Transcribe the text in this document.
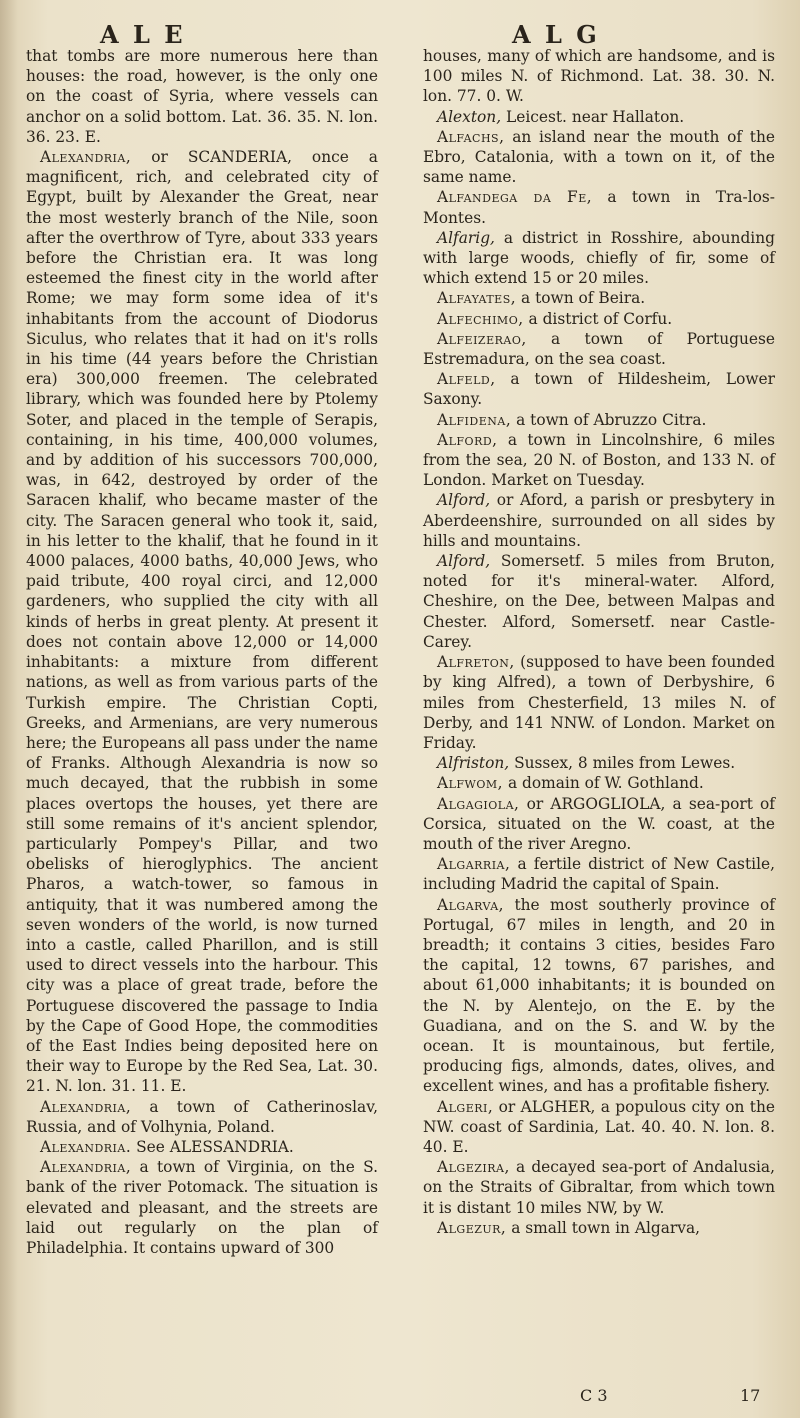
A L E	A L G

that tombs are more numerous here than houses: the road, however, is the only one on the coast of Syria, where vessels can anchor on a solid bottom. Lat. 36. 35. N. lon. 36. 23. E.

Alexandria, or SCANDERIA, once a magnificent, rich, and celebrated city of Egypt, built by Alexander the Great, near the most westerly branch of the Nile, soon after the overthrow of Tyre, about 333 years before the Christian era. It was long esteemed the finest city in the world after Rome; we may form some idea of it's inhabitants from the account of Diodorus Siculus, who relates that it had on it's rolls in his time (44 years before the Christian era) 300,000 freemen. The celebrated library, which was founded here by Ptolemy Soter, and placed in the temple of Serapis, containing, in his time, 400,000 volumes, and by addition of his successors 700,000, was, in 642, destroyed by order of the Saracen khalif, who became master of the city. The Saracen general who took it, said, in his letter to the khalif, that he found in it 4000 palaces, 4000 baths, 40,000 Jews, who paid tribute, 400 royal circi, and 12,000 gardeners, who supplied the city with all kinds of herbs in great plenty. At present it does not contain above 12,000 or 14,000 inhabitants: a mixture from different nations, as well as from various parts of the Turkish empire. The Christian Copti, Greeks, and Armenians, are very numerous here; the Europeans all pass under the name of Franks. Although Alexandria is now so much decayed, that the rubbish in some places overtops the houses, yet there are still some remains of it's ancient splendor, particularly Pompey's Pillar, and two obelisks of hieroglyphics. The ancient Pharos, a watch-tower, so famous in antiquity, that it was numbered among the seven wonders of the world, is now turned into a castle, called Pharillon, and is still used to direct vessels into the harbour. This city was a place of great trade, before the Portuguese discovered the passage to India by the Cape of Good Hope, the commodities of the East Indies being deposited here on their way to Europe by the Red Sea, Lat. 30. 21. N. lon. 31. 11. E.

Alexandria, a town of Catherinoslav, Russia, and of Volhynia, Poland.

Alexandria. See ALESSANDRIA.

Alexandria, a town of Virginia, on the S. bank of the river Potomack. The situation is elevated and pleasant, and the streets are laid out regularly on the plan of Philadelphia. It contains upward of 300

houses, many of which are handsome, and is 100 miles N. of Richmond. Lat. 38. 30. N. lon. 77. 0. W.

Alexton, Leicest. near Hallaton.

Alfachs, an island near the mouth of the Ebro, Catalonia, with a town on it, of the same name.

Alfandega da Fe, a town in Tra-los-Montes.

Alfarig, a district in Rosshire, abounding with large woods, chiefly of fir, some of which extend 15 or 20 miles.

Alfayates, a town of Beira.

Alfechimo, a district of Corfu.

Alfeizerao, a town of Portuguese Estremadura, on the sea coast.

Alfeld, a town of Hildesheim, Lower Saxony.

Alfidena, a town of Abruzzo Citra.

Alford, a town in Lincolnshire, 6 miles from the sea, 20 N. of Boston, and 133 N. of London. Market on Tuesday.

Alford, or Aford, a parish or presbytery in Aberdeenshire, surrounded on all sides by hills and mountains.

Alford, Somersetf. 5 miles from Bruton, noted for it's mineral-water. Alford, Cheshire, on the Dee, between Malpas and Chester. Alford, Somersetf. near Castle-Carey.

Alfreton, (supposed to have been founded by king Alfred), a town of Derbyshire, 6 miles from Chesterfield, 13 miles N. of Derby, and 141 NNW. of London. Market on Friday.

Alfriston, Sussex, 8 miles from Lewes.

Alfwom, a domain of W. Gothland.

Algagiola, or ARGOGLIOLA, a sea-port of Corsica, situated on the W. coast, at the mouth of the river Aregno.

Algarria, a fertile district of New Castile, including Madrid the capital of Spain.

Algarva, the most southerly province of Portugal, 67 miles in length, and 20 in breadth; it contains 3 cities, besides Faro the capital, 12 towns, 67 parishes, and about 61,000 inhabitants; it is bounded on the N. by Alentejo, on the E. by the Guadiana, and on the S. and W. by the ocean. It is mountainous, but fertile, producing figs, almonds, dates, olives, and excellent wines, and has a profitable fishery.

Algeri, or ALGHER, a populous city on the NW. coast of Sardinia, Lat. 40. 40. N. lon. 8. 40. E.

Algezira, a decayed sea-port of Andalusia, on the Straits of Gibraltar, from which town it is distant 10 miles NW, by W.

Algezur, a small town in Algarva,

C 3	17
